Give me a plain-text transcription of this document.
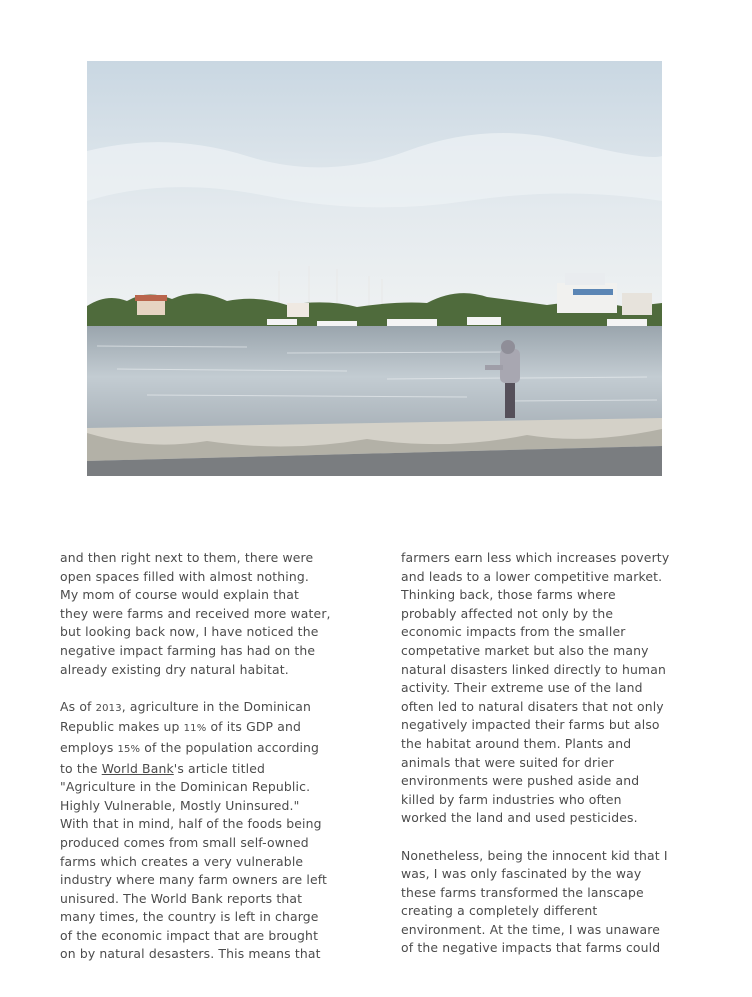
and then right next to them, there were
open spaces filled with almost nothing.
My mom of course would explain that
they were farms and received more water,
but looking back now, I have noticed the
negative impact farming has had on the
already existing dry natural habitat.

As of 2013, agriculture in the Dominican
Republic makes up 11% of its GDP and
employs 15% of the population according
to the World Bank's article titled
"Agriculture in the Dominican Republic.
Highly Vulnerable, Mostly Uninsured."
With that in mind, half of the foods being
produced comes from small self-owned
farms which creates a very vulnerable
industry where many farm owners are left
unisured. The World Bank reports that
many times, the country is left in charge
of the economic impact that are brought
on by natural desasters. This means that

farmers earn less which increases poverty
and leads to a lower competitive market.
Thinking back, those farms where
probably affected not only by the
economic impacts from the smaller
competative market but also the many
natural disasters linked directly to human
activity. Their extreme use of the land
often led to natural disaters that not only
negatively impacted their farms but also
the habitat around them. Plants and
animals that were suited for drier
environments were pushed aside and
killed by farm industries who often
worked the land and used pesticides.

Nonetheless, being the innocent kid that I
was, I was only fascinated by the way
these farms transformed the lanscape
creating a completely different
environment. At the time, I was unaware
of the negative impacts that farms could
